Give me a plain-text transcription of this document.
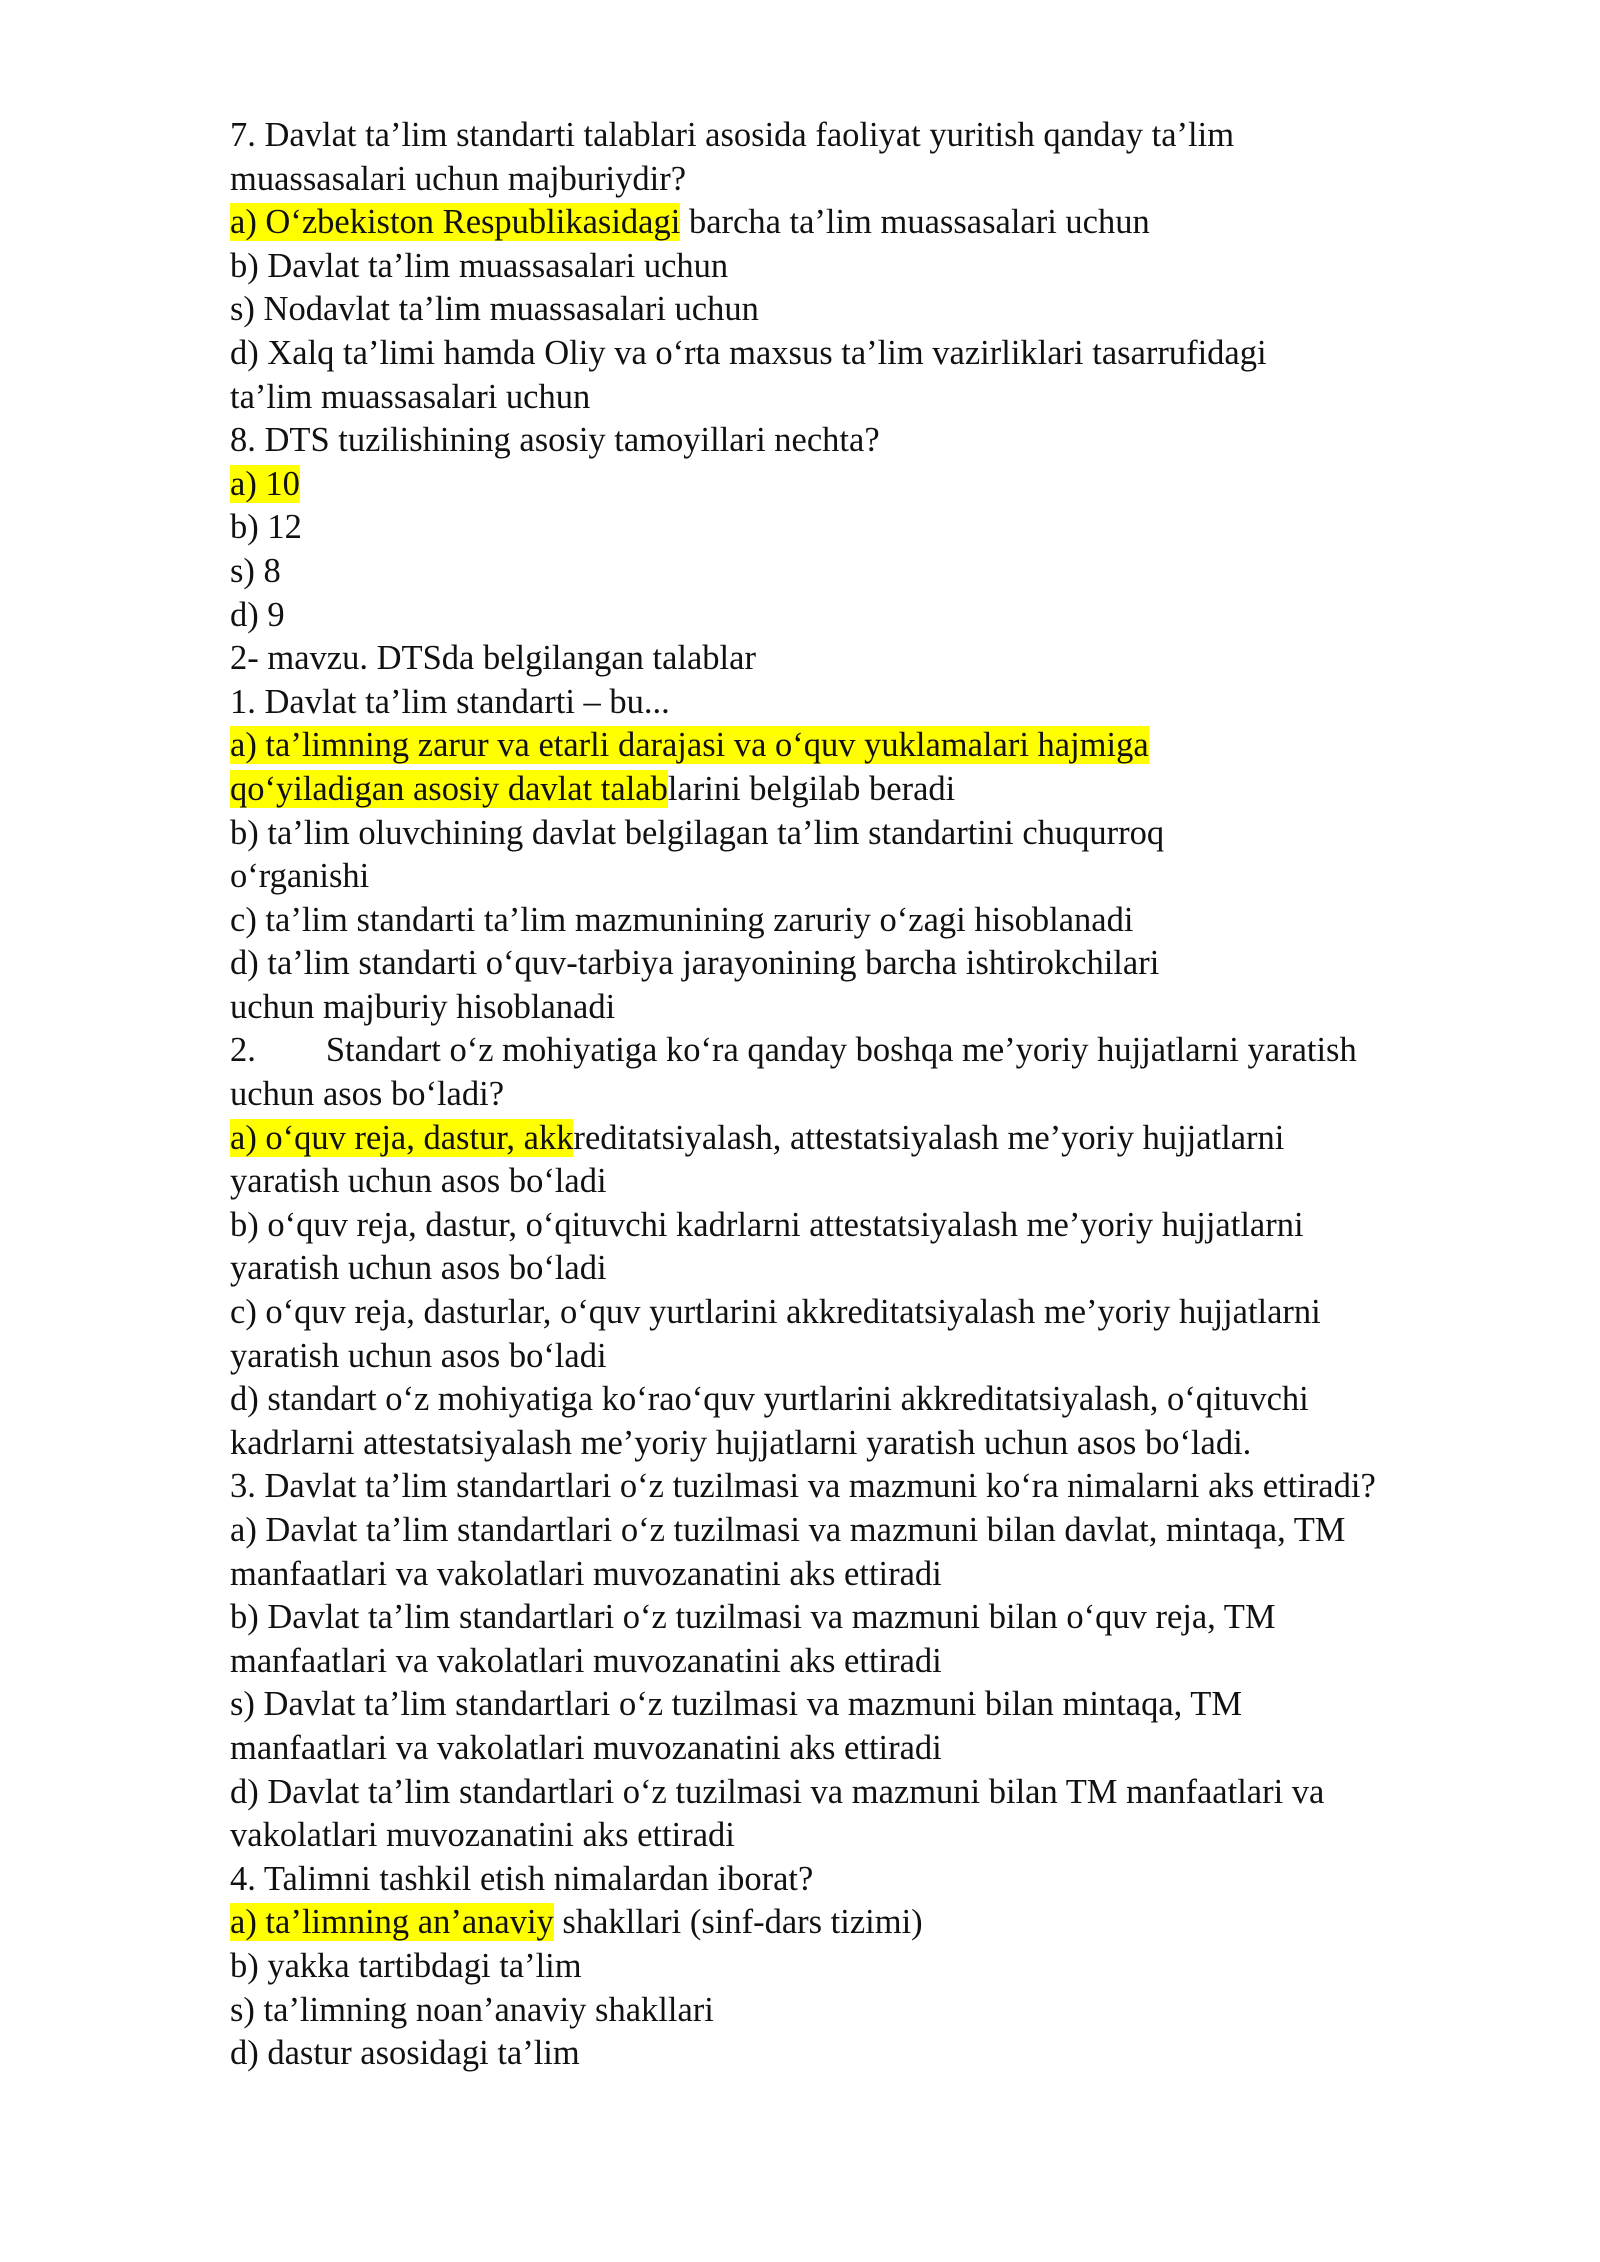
7. Davlat ta’lim standarti talablari asosida faoliyat yuritish qanday ta’lim
muassasalari uchun majburiydir?
a) O‘zbekiston Respublikasidagi barcha ta’lim muassasalari uchun
b) Davlat ta’lim muassasalari uchun
s) Nodavlat ta’lim muassasalari uchun
d) Xalq ta’limi hamda Oliy va o‘rta maxsus ta’lim vazirliklari tasarrufidagi
ta’lim muassasalari uchun
8. DTS tuzilishining asosiy tamoyillari nechta?
a) 10
b) 12
s) 8
d) 9
2- mavzu. DTSda belgilangan talablar
1. Davlat ta’lim standarti – bu...
a) ta’limning zarur va etarli darajasi va o‘quv yuklamalari hajmiga
qo‘yiladigan asosiy davlat talablarini belgilab beradi
b) ta’lim oluvchining davlat belgilagan ta’lim standartini chuqurroq
o‘rganishi
c) ta’lim standarti ta’lim mazmunining zaruriy o‘zagi hisoblanadi
d) ta’lim standarti o‘quv-tarbiya jarayonining barcha ishtirokchilari
uchun majburiy hisoblanadi
2. Standart o‘z mohiyatiga ko‘ra qanday boshqa me’yoriy hujjatlarni yaratish
uchun asos bo‘ladi?
a) o‘quv reja, dastur, akkreditatsiyalash, attestatsiyalash me’yoriy hujjatlarni
yaratish uchun asos bo‘ladi
b) o‘quv reja, dastur, o‘qituvchi kadrlarni attestatsiyalash me’yoriy hujjatlarni
yaratish uchun asos bo‘ladi
c) o‘quv reja, dasturlar, o‘quv yurtlarini akkreditatsiyalash me’yoriy hujjatlarni
yaratish uchun asos bo‘ladi
d) standart o‘z mohiyatiga ko‘rao‘quv yurtlarini akkreditatsiyalash, o‘qituvchi
kadrlarni attestatsiyalash me’yoriy hujjatlarni yaratish uchun asos bo‘ladi.
3. Davlat ta’lim standartlari o‘z tuzilmasi va mazmuni ko‘ra nimalarni aks ettiradi?
a) Davlat ta’lim standartlari o‘z tuzilmasi va mazmuni bilan davlat, mintaqa, TM
manfaatlari va vakolatlari muvozanatini aks ettiradi
b) Davlat ta’lim standartlari o‘z tuzilmasi va mazmuni bilan o‘quv reja, TM
manfaatlari va vakolatlari muvozanatini aks ettiradi
s) Davlat ta’lim standartlari o‘z tuzilmasi va mazmuni bilan mintaqa, TM
manfaatlari va vakolatlari muvozanatini aks ettiradi
d) Davlat ta’lim standartlari o‘z tuzilmasi va mazmuni bilan TM manfaatlari va
vakolatlari muvozanatini aks ettiradi
4. Talimni tashkil etish nimalardan iborat?
a) ta’limning an’anaviy shakllari (sinf-dars tizimi)
b) yakka tartibdagi ta’lim
s) ta’limning noan’anaviy shakllari
d) dastur asosidagi ta’lim
